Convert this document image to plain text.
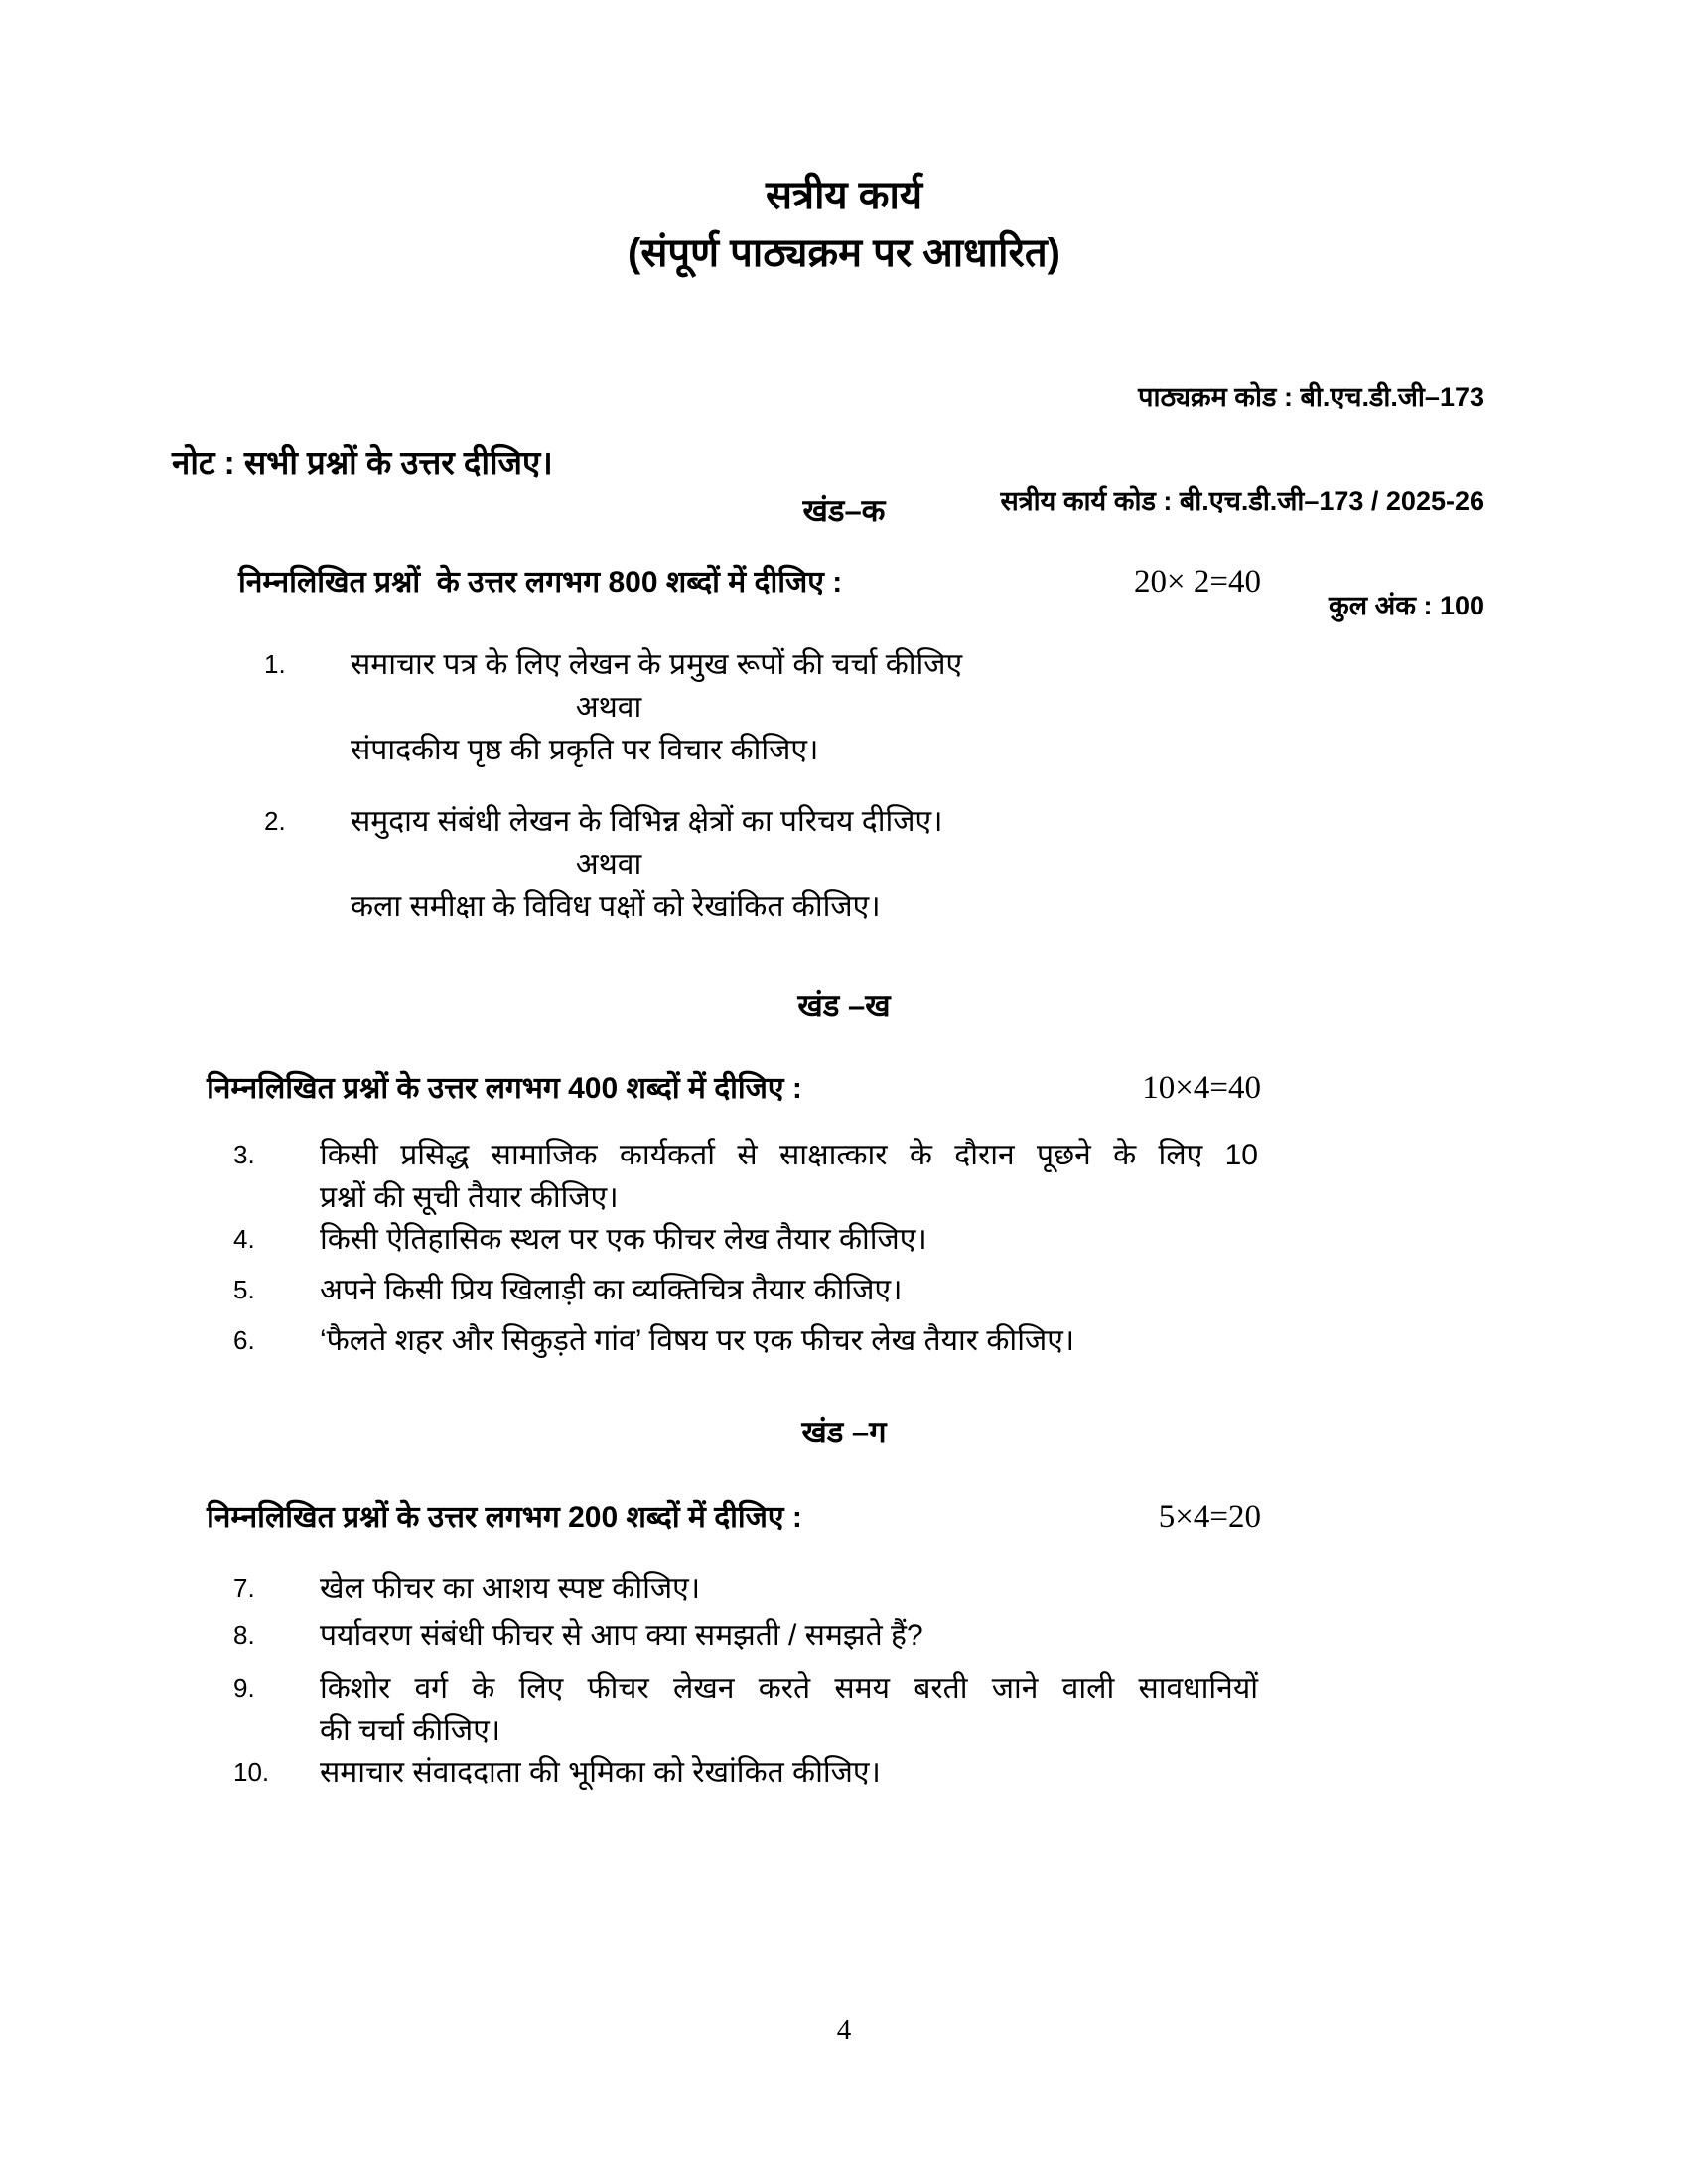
सत्रीय कार्य
(संपूर्ण पाठ्यक्रम पर आधारित)

पाठ्यक्रम कोड : बी.एच.डी.जी–173

सत्रीय कार्य कोड : बी.एच.डी.जी–173 / 2025-26

कुल अंक : 100

नोट : सभी प्रश्नों के उत्तर दीजिए।
खंड–क
निम्नलिखित प्रश्नों  के उत्तर लगभग 800 शब्दों में दीजिए :	20× 2=40
1.	समाचार पत्र के लिए लेखन के प्रमुख रूपों की चर्चा कीजिए
अथवा
संपादकीय पृष्ठ की प्रकृति पर विचार कीजिए।
2.	समुदाय संबंधी लेखन के विभिन्न क्षेत्रों का परिचय दीजिए।
अथवा
कला समीक्षा के विविध पक्षों को रेखांकित कीजिए।
खंड –ख
निम्नलिखित प्रश्नों के उत्तर लगभग 400 शब्दों में दीजिए :	10×4=40
3.	किसी प्रसिद्ध सामाजिक कार्यकर्ता से साक्षात्कार के दौरान पूछने के लिए 10
प्रश्नों की सूची तैयार कीजिए।
4.	किसी ऐतिहासिक स्थल पर एक फीचर लेख तैयार कीजिए।
5.	अपने किसी प्रिय खिलाड़ी का व्यक्तिचित्र तैयार कीजिए।
6.	‘फैलते शहर और सिकुड़ते गांव’ विषय पर एक फीचर लेख तैयार कीजिए।
खंड –ग
निम्नलिखित प्रश्नों के उत्तर लगभग 200 शब्दों में दीजिए :	5×4=20
7.	खेल फीचर का आशय स्पष्ट कीजिए।
8.	पर्यावरण संबंधी फीचर से आप क्या समझती / समझते हैं?
9.	किशोर वर्ग के लिए फीचर लेखन करते समय बरती जाने वाली सावधानियों
की चर्चा कीजिए।
10.	समाचार संवाददाता की भूमिका को रेखांकित कीजिए।
4
